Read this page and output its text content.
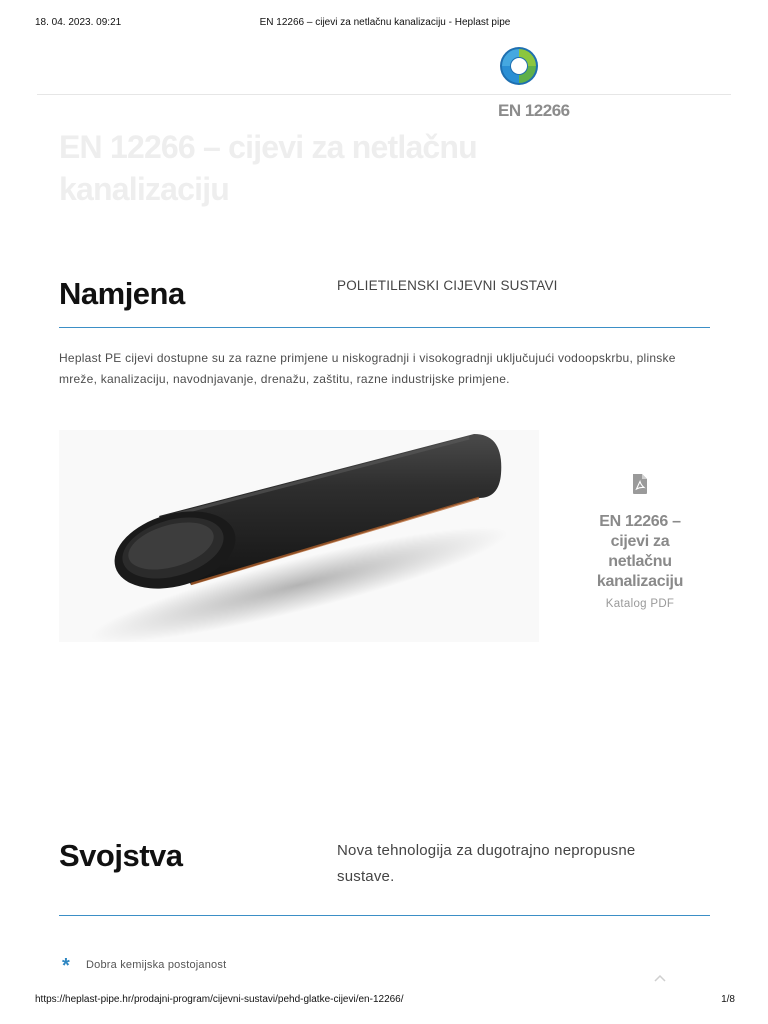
18. 04. 2023. 09:21	EN 12266 – cijevi za netlačnu kanalizaciju - Heplast pipe
EN 12266
EN 12266 – cijevi za netlačnu kanalizaciju
Namjena	POLIETILENSKI CIJEVNI SUSTAVI

Heplast PE cijevi dostupne su za razne primjene u niskogradnji i visokogradnji uključujući vodoopskrbu, plinske mreže, kanalizaciju, navodnjavanje, drenažu, zaštitu, razne industrijske primjene.

EN 12266 – cijevi za netlačnu kanalizaciju
Katalog PDF
Svojstva	Nova tehnologija za dugotrajno nepropusne sustave.

* Dobra kemijska postojanost
https://heplast-pipe.hr/prodajni-program/cijevni-sustavi/pehd-glatke-cijevi/en-12266/	1/8
